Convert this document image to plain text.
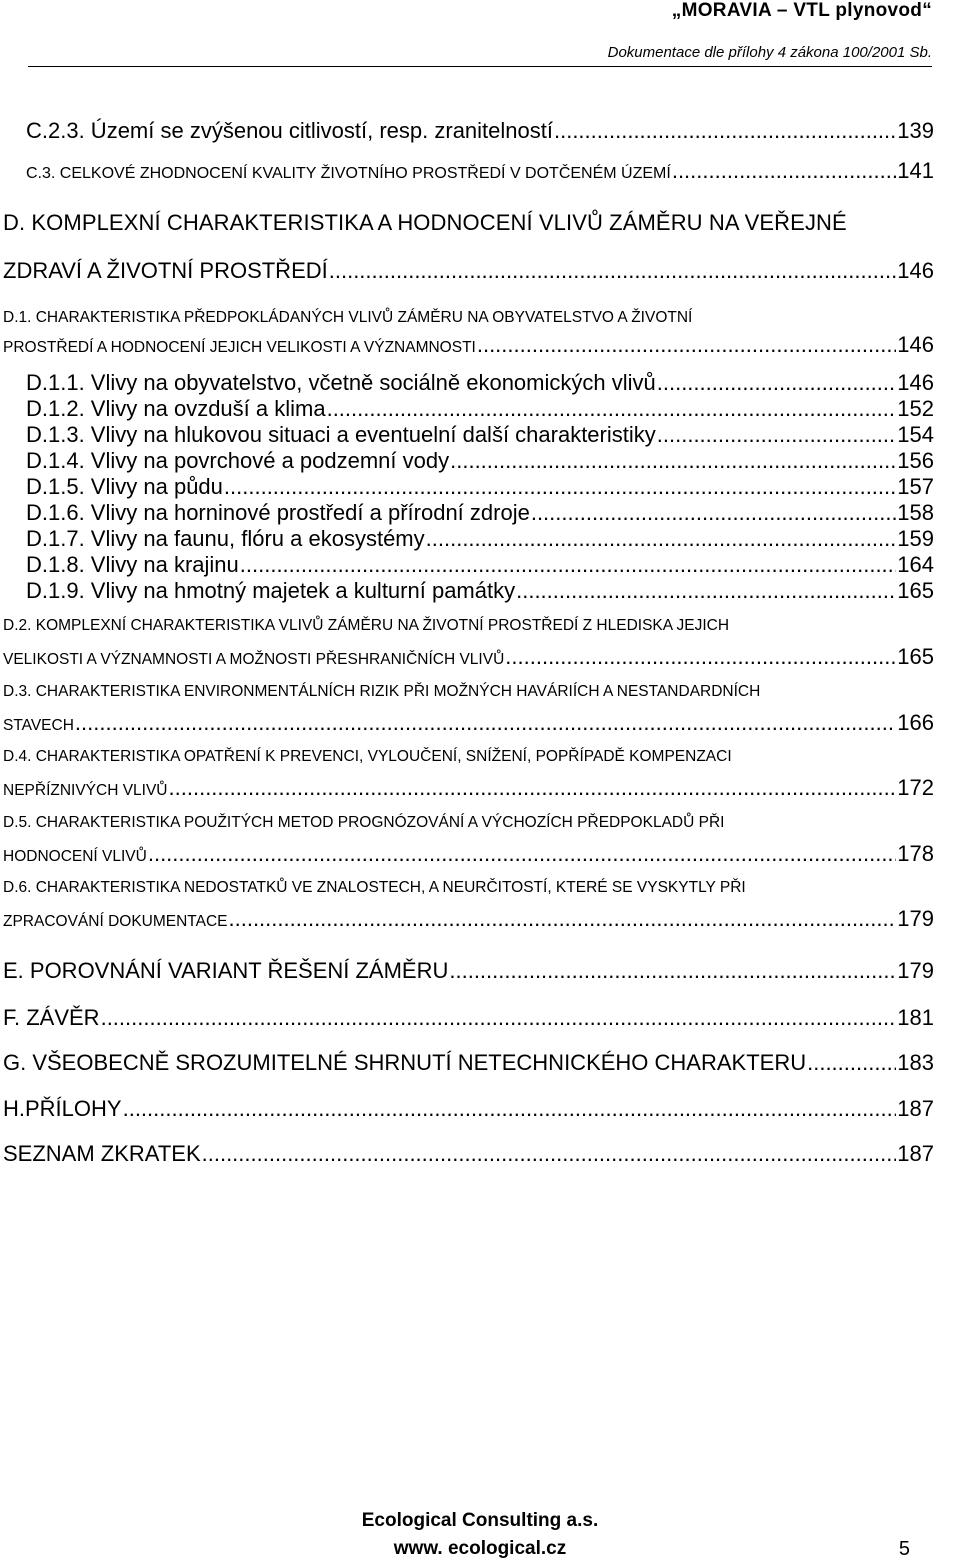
„MORAVIA – VTL plynovod“
Dokumentace dle přílohy 4 zákona 100/2001 Sb.
C.2.3. Území se zvýšenou citlivostí, resp. zranitelností .....	139
C.3. CELKOVÉ ZHODNOCENÍ KVALITY ŽIVOTNÍHO PROSTŘEDÍ V DOTČENÉM ÚZEMÍ .....	141
D. KOMPLEXNÍ CHARAKTERISTIKA A HODNOCENÍ VLIVŮ ZÁMĚRU NA VEŘEJNÉ
ZDRAVÍ A ŽIVOTNÍ PROSTŘEDÍ .....	146
D.1. CHARAKTERISTIKA PŘEDPOKLÁDANÝCH VLIVŮ ZÁMĚRU NA OBYVATELSTVO A ŽIVOTNÍ
PROSTŘEDÍ A HODNOCENÍ JEJICH VELIKOSTI A VÝZNAMNOSTI .....	146
D.1.1. Vlivy na obyvatelstvo, včetně sociálně ekonomických vlivů .....	146
D.1.2. Vlivy na ovzduší a klima .....	152
D.1.3. Vlivy na hlukovou situaci a eventuelní další charakteristiky .....	154
D.1.4. Vlivy na povrchové a podzemní vody .....	156
D.1.5. Vlivy na půdu .....	157
D.1.6. Vlivy na horninové prostředí a přírodní zdroje .....	158
D.1.7. Vlivy na faunu, flóru a ekosystémy .....	159
D.1.8. Vlivy na krajinu .....	164
D.1.9. Vlivy na hmotný majetek a kulturní památky .....	165
D.2. KOMPLEXNÍ CHARAKTERISTIKA VLIVŮ ZÁMĚRU NA ŽIVOTNÍ PROSTŘEDÍ Z HLEDISKA JEJICH
VELIKOSTI A VÝZNAMNOSTI A MOŽNOSTI PŘESHRANIČNÍCH VLIVŮ .....	165
D.3. CHARAKTERISTIKA ENVIRONMENTÁLNÍCH RIZIK PŘI MOŽNÝCH HAVÁRIÍCH A NESTANDARDNÍCH
STAVECH .....	166
D.4. CHARAKTERISTIKA OPATŘENÍ K PREVENCI, VYLOUČENÍ, SNÍŽENÍ, POPŘÍPADĚ KOMPENZACI
NEPŘÍZNIVÝCH VLIVŮ .....	172
D.5. CHARAKTERISTIKA POUŽITÝCH METOD PROGNÓZOVÁNÍ A VÝCHOZÍCH PŘEDPOKLADŮ PŘI
HODNOCENÍ VLIVŮ .....	178
D.6. CHARAKTERISTIKA NEDOSTATKŮ VE ZNALOSTECH, A NEURČITOSTÍ, KTERÉ SE VYSKYTLY PŘI
ZPRACOVÁNÍ DOKUMENTACE .....	179
E. POROVNÁNÍ VARIANT ŘEŠENÍ ZÁMĚRU .....	179
F. ZÁVĚR .....	181
G. VŠEOBECNĚ SROZUMITELNÉ SHRNUTÍ NETECHNICKÉHO CHARAKTERU .....	183
H.PŘÍLOHY .....	187
SEZNAM ZKRATEK .....	187
Ecological Consulting a.s.
www. ecological.cz	5
